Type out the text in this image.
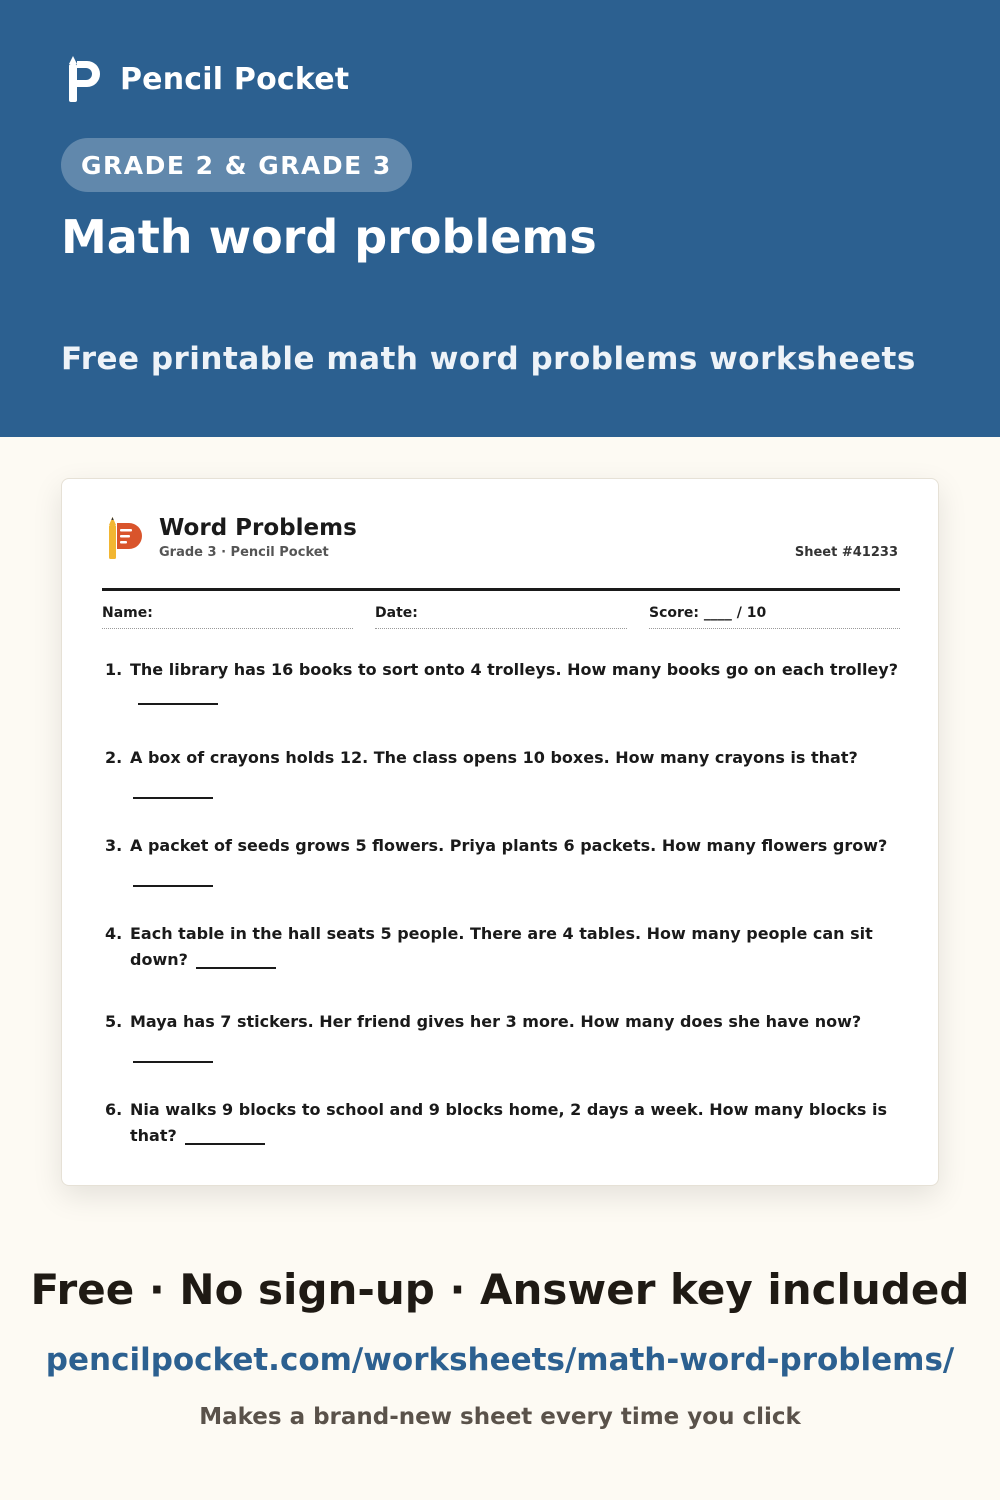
Pencil Pocket
GRADE 2 & GRADE 3
Math word problems

Free printable math word problems worksheets

Word Problems
Grade 3 · Pencil Pocket	Sheet #41233
Name:	Date:	Score: ____ / 10
1. The library has 16 books to sort onto 4 trolleys. How many books go on each trolley?
2. A box of crayons holds 12. The class opens 10 boxes. How many crayons is that?
3. A packet of seeds grows 5 flowers. Priya plants 6 packets. How many flowers grow?
4. Each table in the hall seats 5 people. There are 4 tables. How many people can sit down?
5. Maya has 7 stickers. Her friend gives her 3 more. How many does she have now?
6. Nia walks 9 blocks to school and 9 blocks home, 2 days a week. How many blocks is that?
Free · No sign-up · Answer key included
pencilpocket.com/worksheets/math-word-problems/
Makes a brand-new sheet every time you click
